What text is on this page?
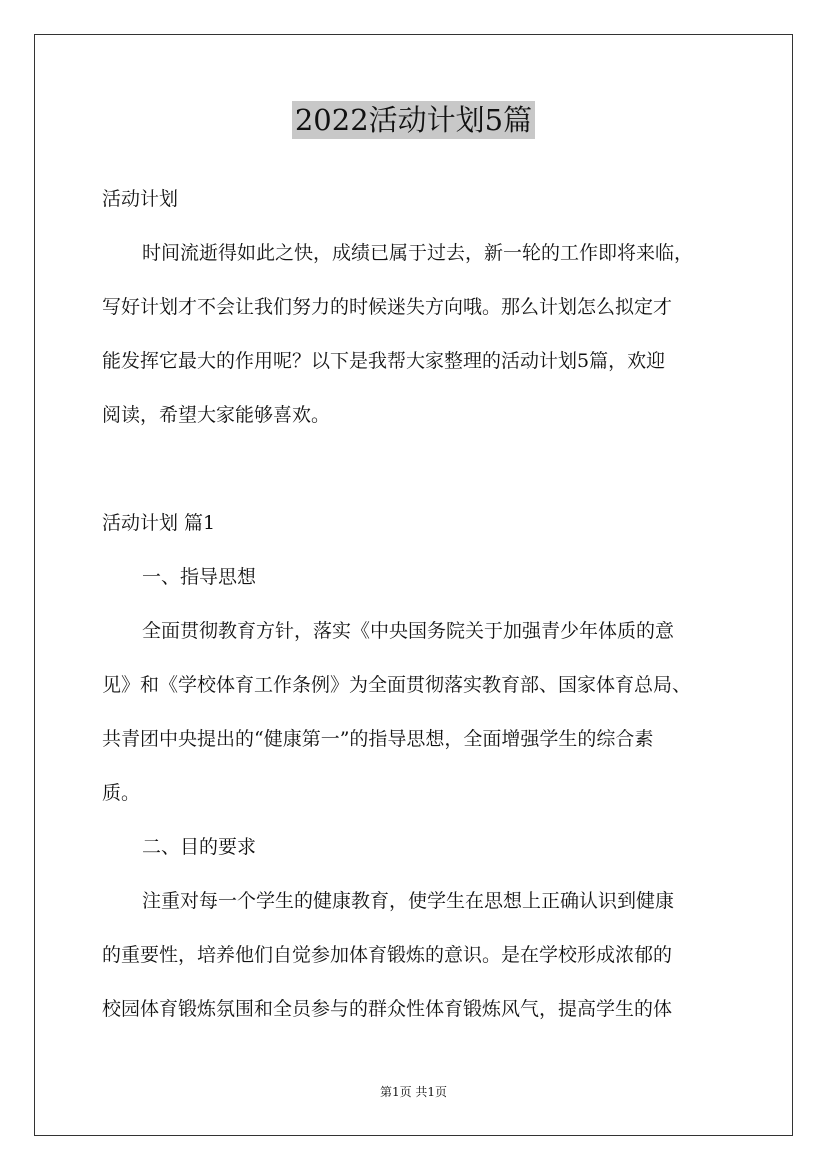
2022活动计划5篇

活动计划

时间流逝得如此之快，成绩已属于过去，新一轮的工作即将来临，

写好计划才不会让我们努力的时候迷失方向哦。那么计划怎么拟定才

能发挥它最大的作用呢？以下是我帮大家整理的活动计划5篇，欢迎

阅读，希望大家能够喜欢。

活动计划 篇1

一、指导思想

全面贯彻教育方针，落实《中央国务院关于加强青少年体质的意

见》和《学校体育工作条例》为全面贯彻落实教育部、国家体育总局、

共青团中央提出的“健康第一”的指导思想，全面增强学生的综合素

质。

二、目的要求

注重对每一个学生的健康教育，使学生在思想上正确认识到健康

的重要性，培养他们自觉参加体育锻炼的意识。是在学校形成浓郁的

校园体育锻炼氛围和全员参与的群众性体育锻炼风气，提高学生的体

第1页 共1页
